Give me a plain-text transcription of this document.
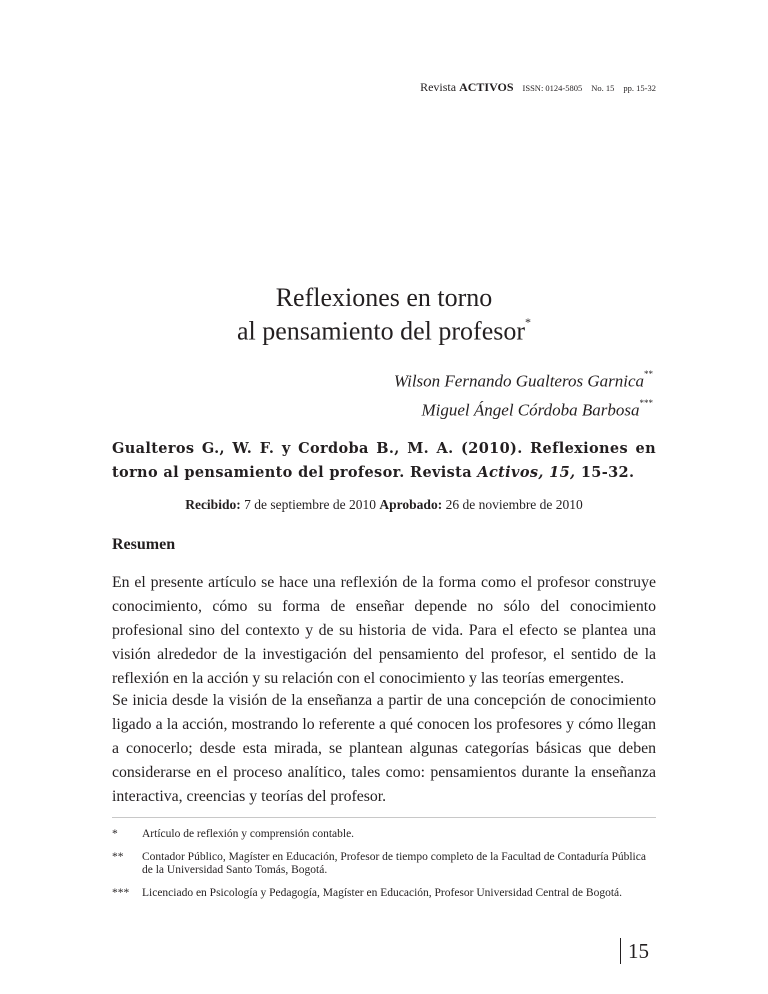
Revista ACTIVOS ISSN: 0124-5805 No. 15 pp. 15-32
Reflexiones en torno
al pensamiento del profesor*
Wilson Fernando Gualteros Garnica**
Miguel Ángel Córdoba Barbosa***
Gualteros G., W. F. y Cordoba B., M. A. (2010). Reflexiones en torno al pensamiento del profesor. Revista Activos, 15, 15-32.
Recibido: 7 de septiembre de 2010 Aprobado: 26 de noviembre de 2010
Resumen

En el presente artículo se hace una reflexión de la forma como el profesor construye conocimiento, cómo su forma de enseñar depende no sólo del conocimiento profesional sino del contexto y de su historia de vida. Para el efecto se plantea una visión alrededor de la investigación del pensamiento del profesor, el sentido de la reflexión en la acción y su relación con el conocimiento y las teorías emergentes.

Se inicia desde la visión de la enseñanza a partir de una concepción de conocimiento ligado a la acción, mostrando lo referente a qué conocen los profesores y cómo llegan a conocerlo; desde esta mirada, se plantean algunas categorías básicas que deben considerarse en el proceso analítico, tales como: pensamientos durante la enseñanza interactiva, creencias y teorías del profesor.

*	Artículo de reflexión y comprensión contable.
**	Contador Público, Magíster en Educación, Profesor de tiempo completo de la Facultad de Contaduría Pública de la Universidad Santo Tomás, Bogotá.
***	Licenciado en Psicología y Pedagogía, Magíster en Educación, Profesor Universidad Central de Bogotá.
15
